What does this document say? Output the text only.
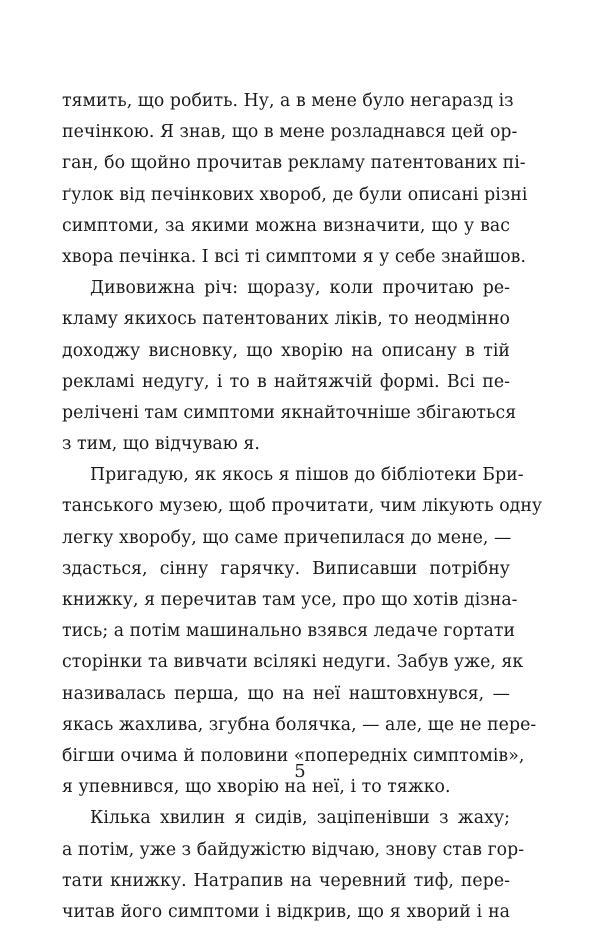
тямить, що робить. Ну, а в мене було негаразд із
печінкою. Я знав, що в мене розладнався цей ор-
ган, бо щойно прочитав рекламу патентованих пі-
ґулок від печінкових хвороб, де були описані різні
симптоми, за якими можна визначити, що у вас
хвора печінка. І всі ті симптоми я у себе знайшов.
Дивовижна річ: щоразу, коли прочитаю ре-
кламу якихось патентованих ліків, то неодмінно
доходжу висновку, що хворію на описану в тій
рекламі недугу, і то в найтяжчій формі. Всі пе-
релічені там симптоми якнайточніше збігаються
з тим, що відчуваю я.
Пригадую, як якось я пішов до бібліотеки Бри-
танського музею, щоб прочитати, чим лікують одну
легку хворобу, що саме причепилася до мене, —
здасться, сінну гарячку. Виписавши потрібну
книжку, я перечитав там усе, про що хотів дізна-
тись; а потім машинально взявся ледаче гортати
сторінки та вивчати всілякі недуги. Забув уже, як
називалась перша, що на неї наштовхнувся, —
якась жахлива, згубна болячка, — але, ще не пере-
бігши очима й половини «попередніх симптомів»,
я упевнився, що хворію на неї, і то тяжко.
Кілька хвилин я сидів, заціпенівши з жаху;
а потім, уже з байдужістю відчаю, знову став гор-
тати книжку. Натрапив на черевний тиф, пере-
читав його симптоми і відкрив, що я хворий і на
5
